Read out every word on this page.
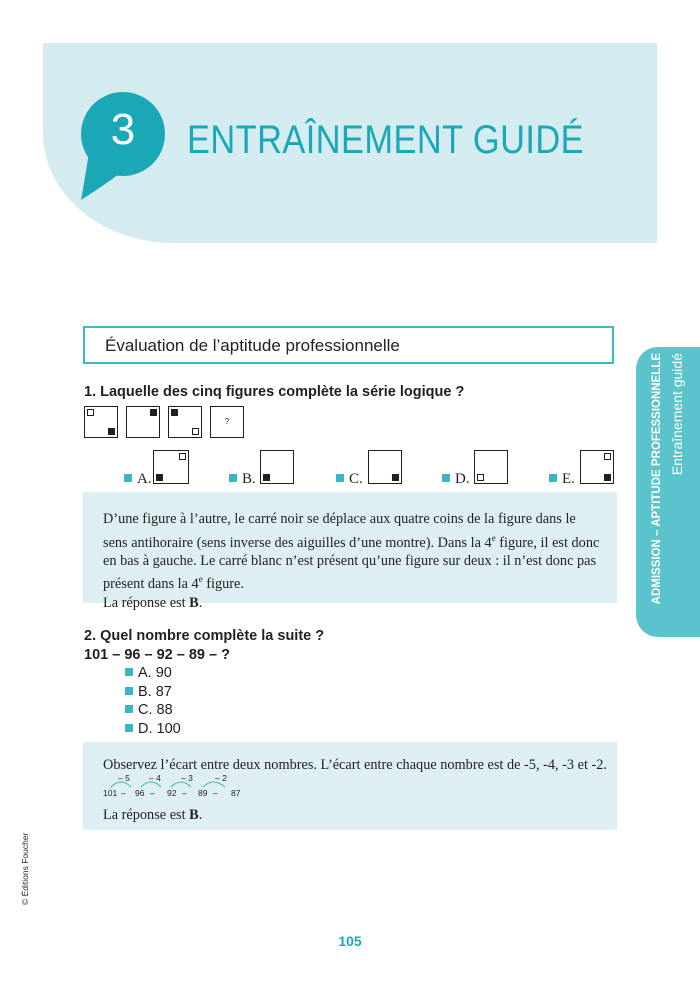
3	ENTRAÎNEMENT GUIDÉ
ADMISSION – APTITUDE PROFESSIONNELLE Entraînement guidé
Évaluation de l’aptitude professionnelle
1. Laquelle des cinq figures complète la série logique ?
?
A.	B.	C.	D.	E.
D’une figure à l’autre, le carré noir se déplace aux quatre coins de la figure dans le sens antihoraire (sens inverse des aiguilles d’une montre). Dans la 4e figure, il est donc en bas à gauche. Le carré blanc n’est présent qu’une figure sur deux : il n’est donc pas présent dans la 4e figure.
La réponse est B.
2. Quel nombre complète la suite ?
101 – 96 – 92 – 89 – ?
A. 90
B. 87
C. 88
D. 100
Observez l’écart entre deux nombres. L’écart entre chaque nombre est de -5, -4, -3 et -2.
– 5 – 4 – 3	– 2
101 – 96 – 92 – 89 – 87
La réponse est B.
© Éditions Foucher
105
